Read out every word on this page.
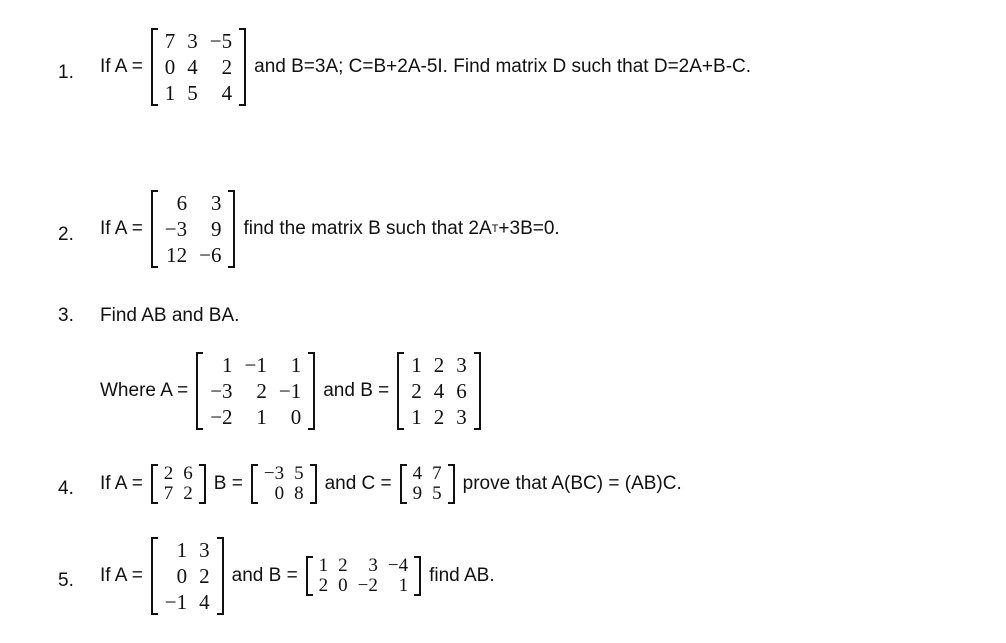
1. If A =
7	3	−5
0	4	2
1	5	4
and B=3A; C=B+2A-5I. Find matrix D such that D=2A+B-C.
2. If A =
6	3
−3	9
12	−6
find the matrix B such that 2A T +3B=0.
3. Find AB and BA.
Where A =
1	−1	1
−3	2	−1
−2	1	0
and B =
1	2	3
2	4	6
1	2	3
4. If A = 2	6
7	2 B = −3	5
0	8 and C = 4	7
9	5 prove that A(BC) = (AB)C.
5. If A =
1	3
0	2
−1	4
and B = 1	2	3	−4
2	0	−2	1 find AB.
